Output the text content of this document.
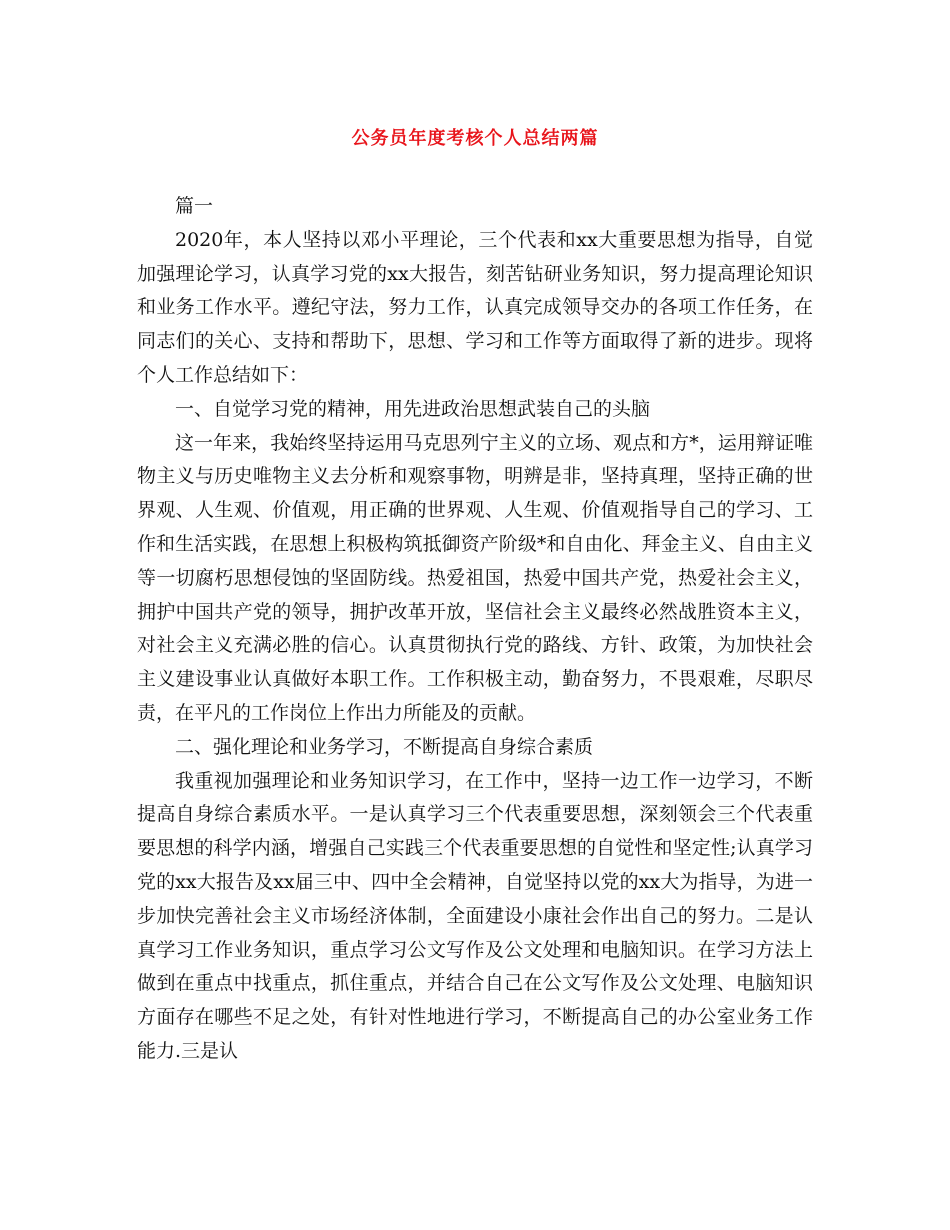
公务员年度考核个人总结两篇

篇一

2020年，本人坚持以邓小平理论，三个代表和xx大重要思想为指导，自觉加强理论学习，认真学习党的xx大报告，刻苦钻研业务知识，努力提高理论知识和业务工作水平。遵纪守法，努力工作，认真完成领导交办的各项工作任务，在同志们的关心、支持和帮助下，思想、学习和工作等方面取得了新的进步。现将个人工作总结如下：

一、自觉学习党的精神，用先进政治思想武装自己的头脑

这一年来，我始终坚持运用马克思列宁主义的立场、观点和方*，运用辩证唯物主义与历史唯物主义去分析和观察事物，明辨是非，坚持真理，坚持正确的世界观、人生观、价值观，用正确的世界观、人生观、价值观指导自己的学习、工作和生活实践，在思想上积极构筑抵御资产阶级*和自由化、拜金主义、自由主义等一切腐朽思想侵蚀的坚固防线。热爱祖国，热爱中国共产党，热爱社会主义，拥护中国共产党的领导，拥护改革开放，坚信社会主义最终必然战胜资本主义，对社会主义充满必胜的信心。认真贯彻执行党的路线、方针、政策，为加快社会主义建设事业认真做好本职工作。工作积极主动，勤奋努力，不畏艰难，尽职尽责，在平凡的工作岗位上作出力所能及的贡献。

二、强化理论和业务学习，不断提高自身综合素质

我重视加强理论和业务知识学习，在工作中，坚持一边工作一边学习，不断提高自身综合素质水平。一是认真学习三个代表重要思想，深刻领会三个代表重要思想的科学内涵，增强自己实践三个代表重要思想的自觉性和坚定性;认真学习党的xx大报告及xx届三中、四中全会精神，自觉坚持以党的xx大为指导，为进一步加快完善社会主义市场经济体制，全面建设小康社会作出自己的努力。二是认真学习工作业务知识，重点学习公文写作及公文处理和电脑知识。在学习方法上做到在重点中找重点，抓住重点，并结合自己在公文写作及公文处理、电脑知识方面存在哪些不足之处，有针对性地进行学习，不断提高自己的办公室业务工作能力.三是认
